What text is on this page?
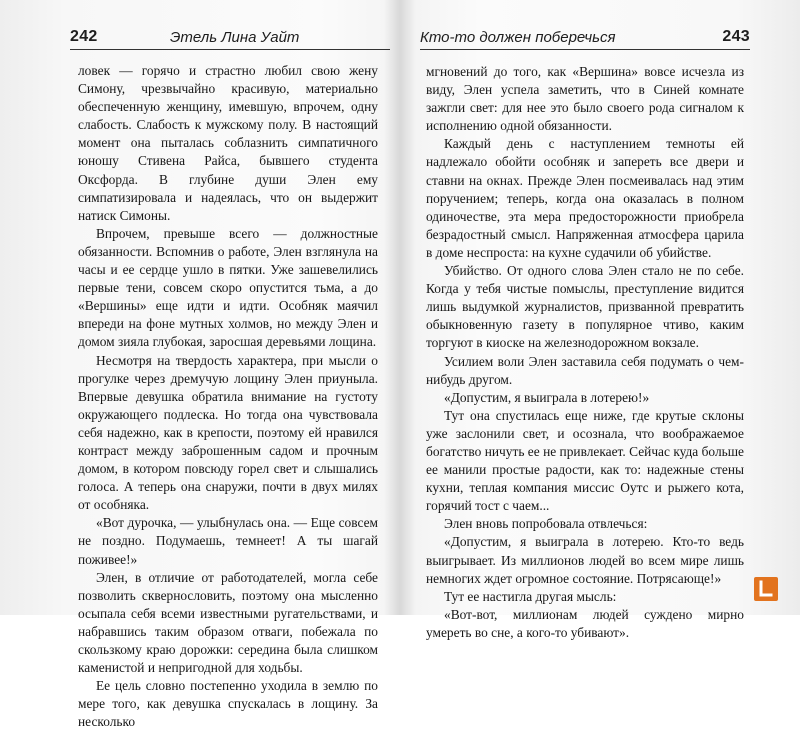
242	Этель Лина Уайт

ловек — горячо и страстно любил свою жену Симону, чрезвычайно красивую, материально обеспеченную женщину, имевшую, впрочем, одну слабость. Слабость к мужскому полу. В настоящий момент она пыталась соблазнить симпатичного юношу Стивена Райса, бывшего студента Оксфорда. В глубине души Элен ему симпатизировала и надеялась, что он выдержит натиск Симоны.

Впрочем, превыше всего — должностные обязанности. Вспомнив о работе, Элен взглянула на часы и ее сердце ушло в пятки. Уже зашевелились первые тени, совсем скоро опустится тьма, а до «Вершины» еще идти и идти. Особняк маячил впереди на фоне мутных холмов, но между Элен и домом зияла глубокая, заросшая деревьями лощина.

Несмотря на твердость характера, при мысли о прогулке через дремучую лощину Элен приуныла. Впервые девушка обратила внимание на густоту окружающего подлеска. Но тогда она чувствовала себя надежно, как в крепости, поэтому ей нравился контраст между заброшенным садом и прочным домом, в котором повсюду горел свет и слышались голоса. А теперь она снаружи, почти в двух милях от особняка.

«Вот дурочка, — улыбнулась она. — Еще совсем не поздно. Подумаешь, темнеет! А ты шагай поживее!»

Элен, в отличие от работодателей, могла себе позволить сквернословить, поэтому она мысленно осыпала себя всеми известными ругательствами, и набравшись таким образом отваги, побежала по скользкому краю дорожки: середина была слишком каменистой и непригодной для ходьбы.

Ее цель словно постепенно уходила в землю по мере того, как девушка спускалась в лощину. За несколько

Кто-то должен поберечься	243

мгновений до того, как «Вершина» вовсе исчезла из виду, Элен успела заметить, что в Синей комнате зажгли свет: для нее это было своего рода сигналом к исполнению одной обязанности.

Каждый день с наступлением темноты ей надлежало обойти особняк и запереть все двери и ставни на окнах. Прежде Элен посмеивалась над этим поручением; теперь, когда она оказалась в полном одиночестве, эта мера предосторожности приобрела безрадостный смысл. Напряженная атмосфера царила в доме неспроста: на кухне судачили об убийстве.

Убийство. От одного слова Элен стало не по себе. Когда у тебя чистые помыслы, преступление видится лишь выдумкой журналистов, призванной превратить обыкновенную газету в популярное чтиво, каким торгуют в киоске на железнодорожном вокзале.

Усилием воли Элен заставила себя подумать о чем-нибудь другом.

«Допустим, я выиграла в лотерею!»

Тут она спустилась еще ниже, где крутые склоны уже заслонили свет, и осознала, что воображаемое богатство ничуть ее не привлекает. Сейчас куда больше ее манили простые радости, как то: надежные стены кухни, теплая компания миссис Оутс и рыжего кота, горячий тост с чаем...

Элен вновь попробовала отвлечься:

«Допустим, я выиграла в лотерею. Кто-то ведь выигрывает. Из миллионов людей во всем мире лишь немногих ждет огромное состояние. Потрясающе!»

Тут ее настигла другая мысль:

«Вот-вот, миллионам людей суждено мирно умереть во сне, а кого-то убивают».
